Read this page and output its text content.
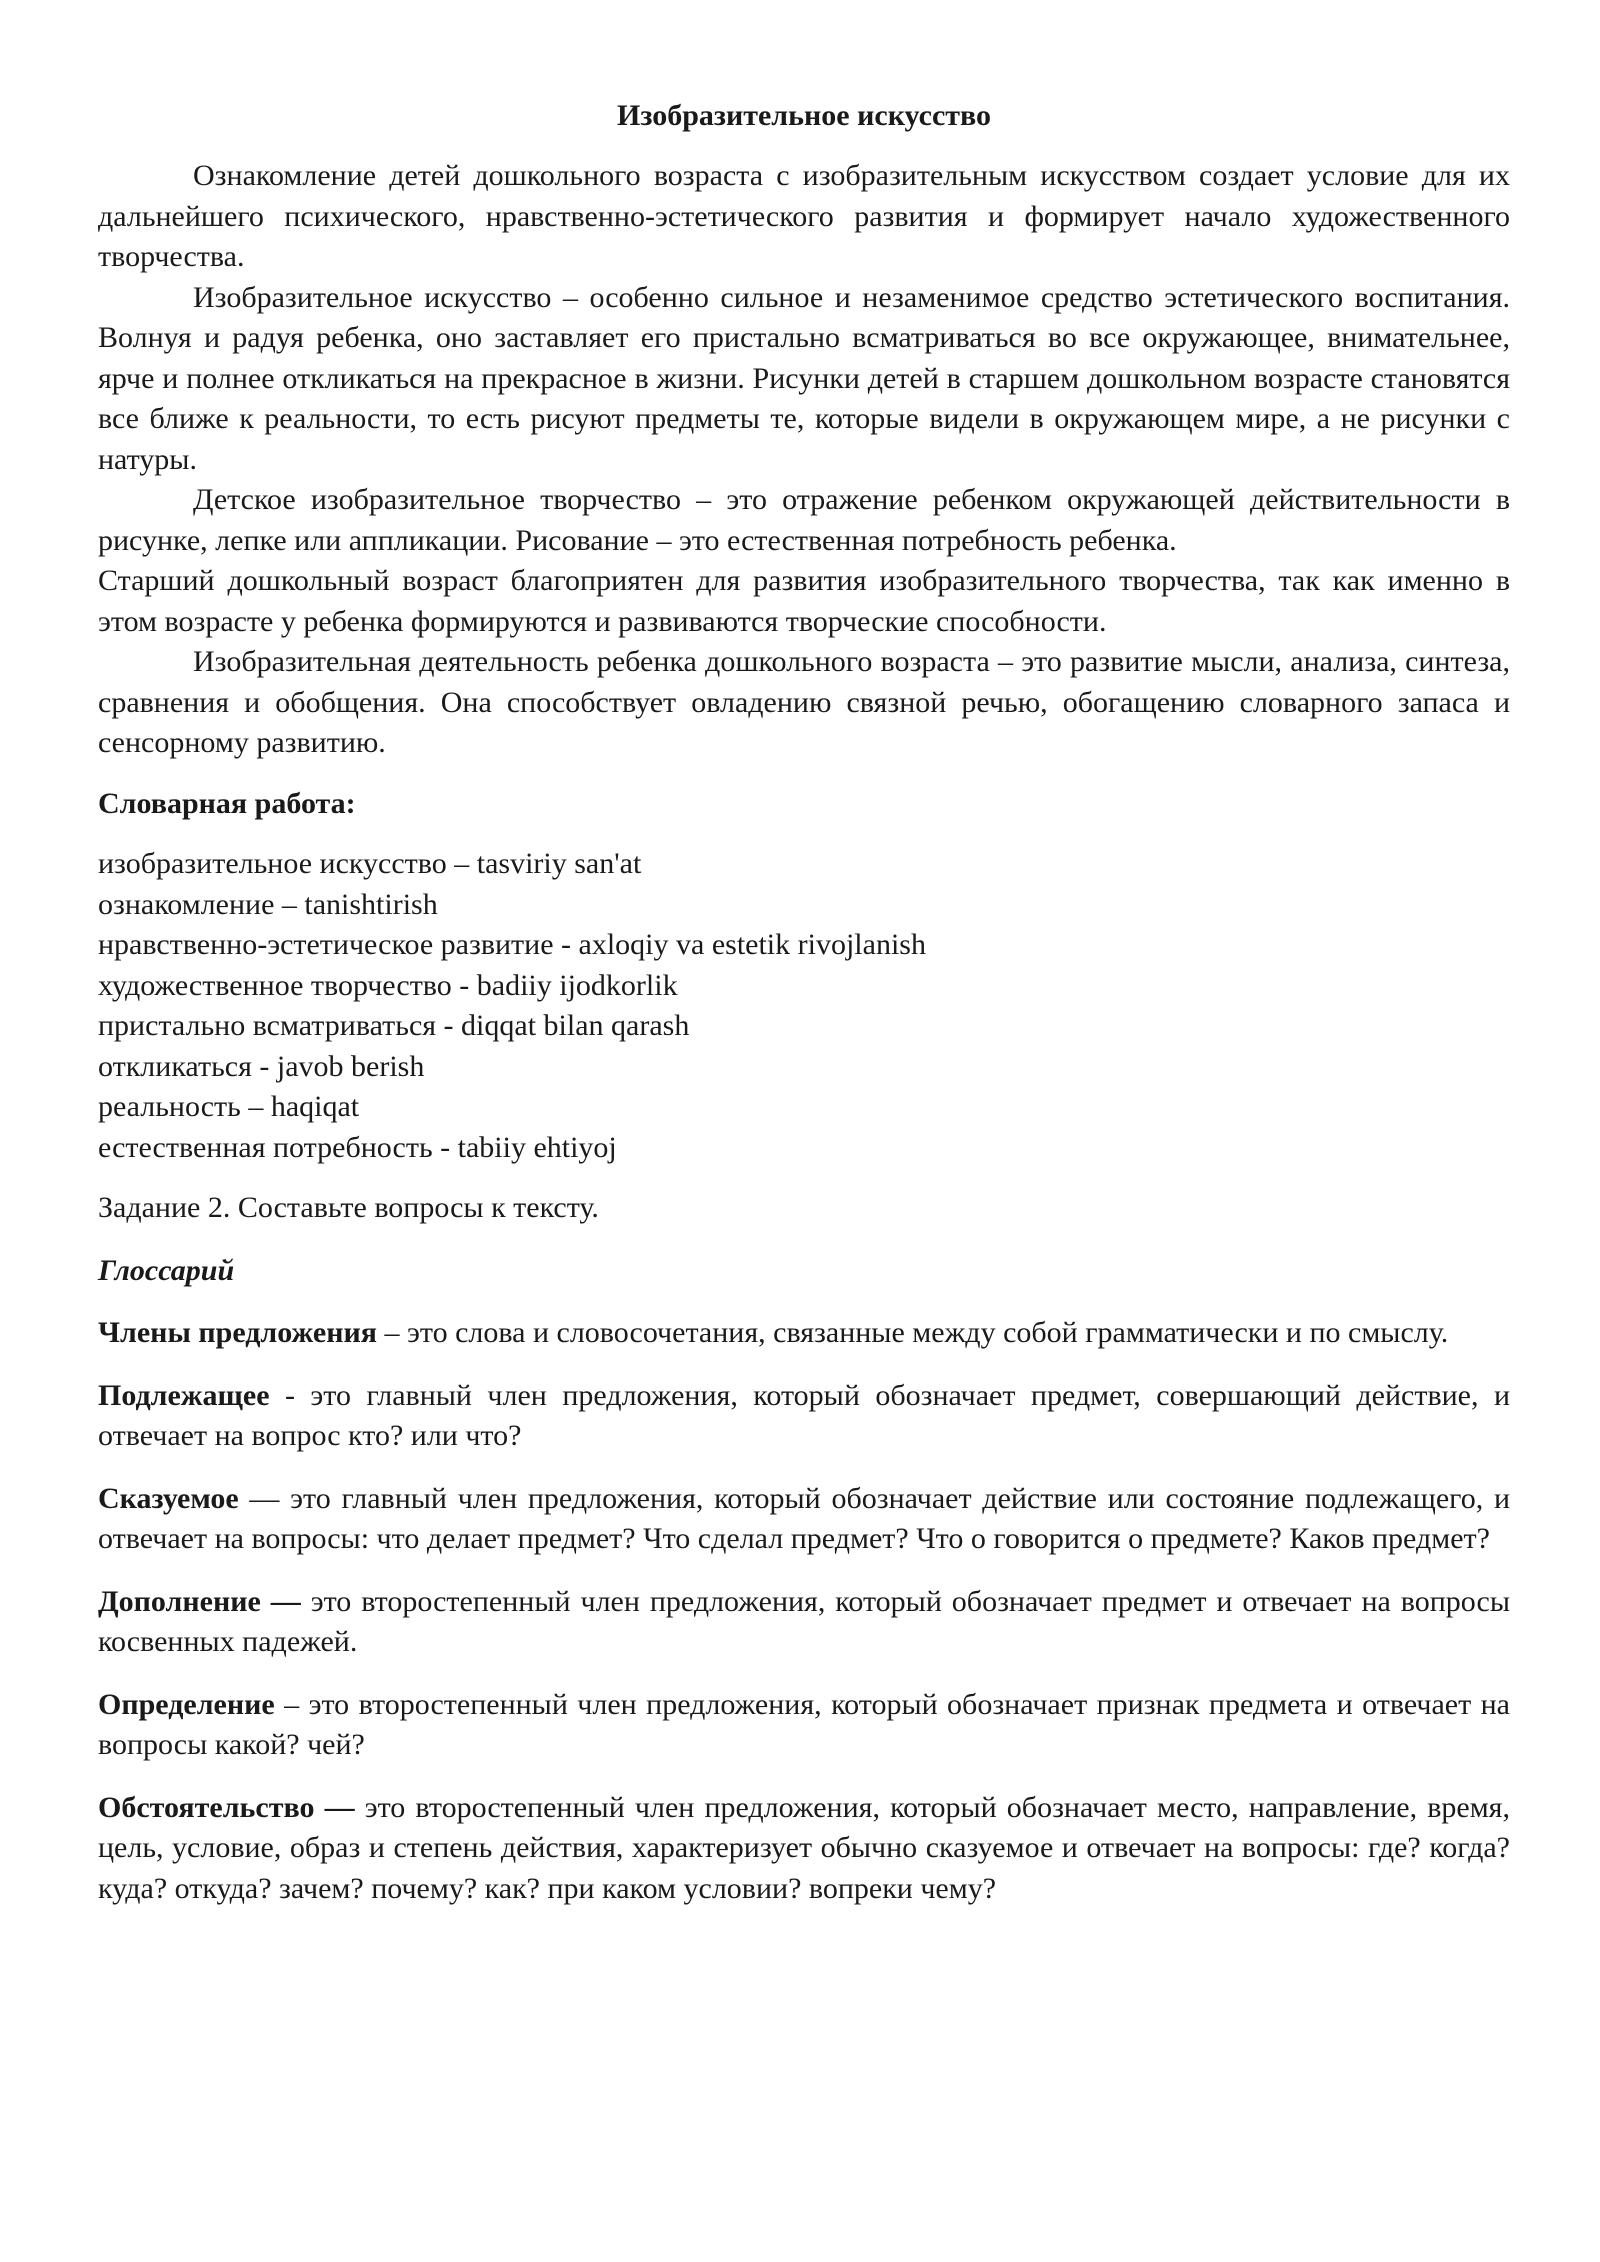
Изобразительное искусство

Ознакомление детей дошкольного возраста с изобразительным искусством создает условие для их дальнейшего психического, нравственно-эстетического развития и формирует начало художественного творчества.

Изобразительное искусство – особенно сильное и незаменимое средство эстетического воспитания. Волнуя и радуя ребенка, оно заставляет его пристально всматриваться во все окружающее, внимательнее, ярче и полнее откликаться на прекрасное в жизни. Рисунки детей в старшем дошкольном возрасте становятся все ближе к реальности, то есть рисуют предметы те, которые видели в окружающем мире, а не рисунки с натуры.

Детское изобразительное творчество – это отражение ребенком окружающей действительности в рисунке, лепке или аппликации. Рисование – это естественная потребность ребенка.

Старший дошкольный возраст благоприятен для развития изобразительного творчества, так как именно в этом возрасте у ребенка формируются и развиваются творческие способности.

Изобразительная деятельность ребенка дошкольного возраста – это развитие мысли, анализа, синтеза, сравнения и обобщения. Она способствует овладению связной речью, обогащению словарного запаса и сенсорному развитию.

Словарная работа:
изобразительное искусство – tasviriy san'at
ознакомление – tanishtirish
нравственно-эстетическое развитие - axloqiy va estetik rivojlanish
художественное творчество - badiiy ijodkorlik
пристально всматриваться - diqqat bilan qarash
откликаться - javob berish
реальность – haqiqat
естественная потребность - tabiiy ehtiyoj

Задание 2. Составьте вопросы к тексту.

Глоссарий

Члены предложения – это слова и словосочетания, связанные между собой грамматически и по смыслу.

Подлежащее - это главный член предложения, который обозначает предмет, совершающий действие, и отвечает на вопрос кто? или что?

Сказуемое — это главный член предложения, который обозначает действие или состояние подлежащего, и отвечает на вопросы: что делает предмет? Что сделал предмет? Что о говорится о предмете? Каков предмет?

Дополнение — это второстепенный член предложения, который обозначает предмет и отвечает на вопросы косвенных падежей.

Определение – это второстепенный член предложения, который обозначает признак предмета и отвечает на вопросы какой? чей?

Обстоятельство — это второстепенный член предложения, который обозначает место, направление, время, цель, условие, образ и степень действия, характеризует обычно сказуемое и отвечает на вопросы: где? когда? куда? откуда? зачем? почему? как? при каком условии? вопреки чему?
